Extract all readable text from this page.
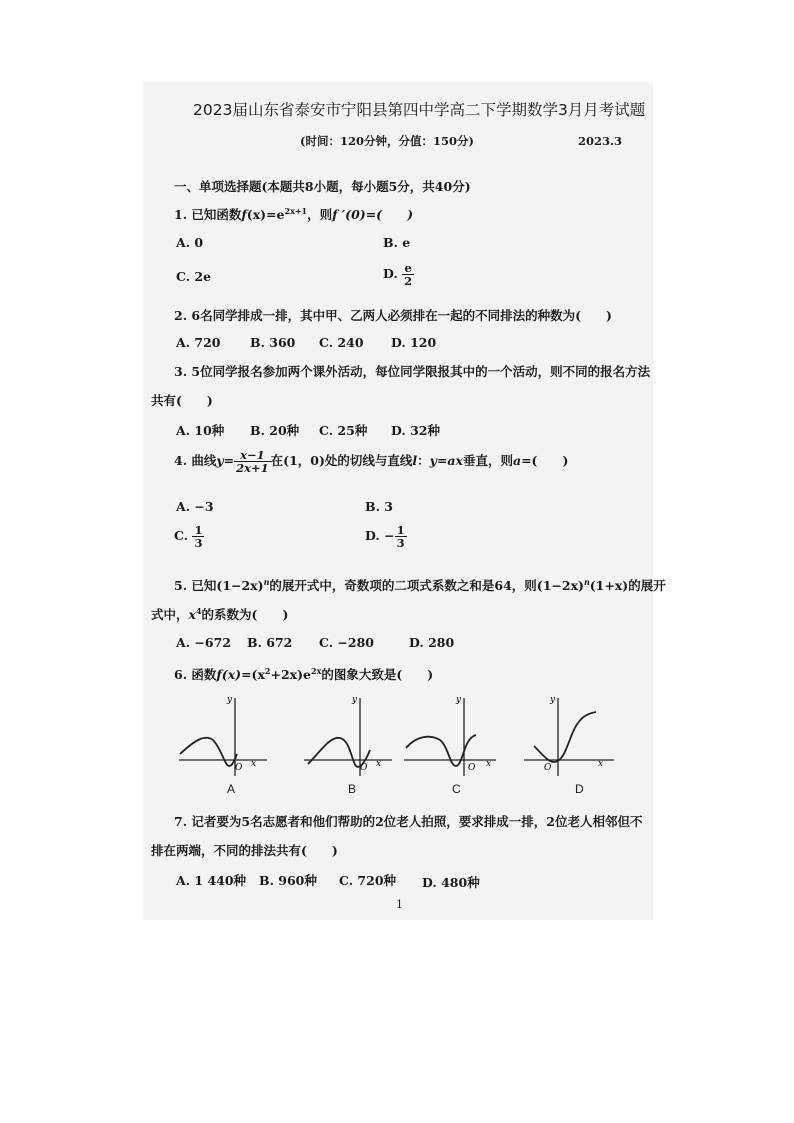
2023届山东省泰安市宁阳县第四中学高二下学期数学3月月考试题
(时间：120分钟，分值：150分)	2023.3
一、单项选择题(本题共8小题，每小题5分，共40分)
1. 已知函数$f(x)=e^{2x+1}$，则f ′(0)=(　　)
A. 0	B. e
C. 2e	D. $\frac{e}{2}$
2. 6名同学排成一排，其中甲、乙两人必须排在一起的不同排法的种数为(　　)
A. 720 B. 360 C. 240 D. 120
3. 5位同学报名参加两个课外活动，每位同学限报其中的一个活动，则不同的报名方法
共有(　　)
A. 10种 B. 20种 C. 25种 D. 32种
4. 曲线$y= \frac{x-1}{2x+1}$ 在(1，0)处的切线与直线l：y=ax垂直，则a=(　　)
A. −3	B. 3
C. $\frac{1}{3}$	D. − $\frac{1}{3}$
5. 已知$(1-2x)^n$的展开式中，奇数项的二项式系数之和是64，则$(1-2x)^n(1+x)$的展开
式中，$x^4$的系数为(　　)
A. −672 B. 672 C. −280	D. 280
6. 函数$f(x)=(x^2+2x)e^{2x}$的图象大致是(　　)
y
O x
A
y
O x
B
y
O x
C
y
O	x
D
7. 记者要为5名志愿者和他们帮助的2位老人拍照，要求排成一排，2位老人相邻但不
排在两端，不同的排法共有(　　)
A. 1 440种 B. 960种 C. 720种 D. 480种
1
